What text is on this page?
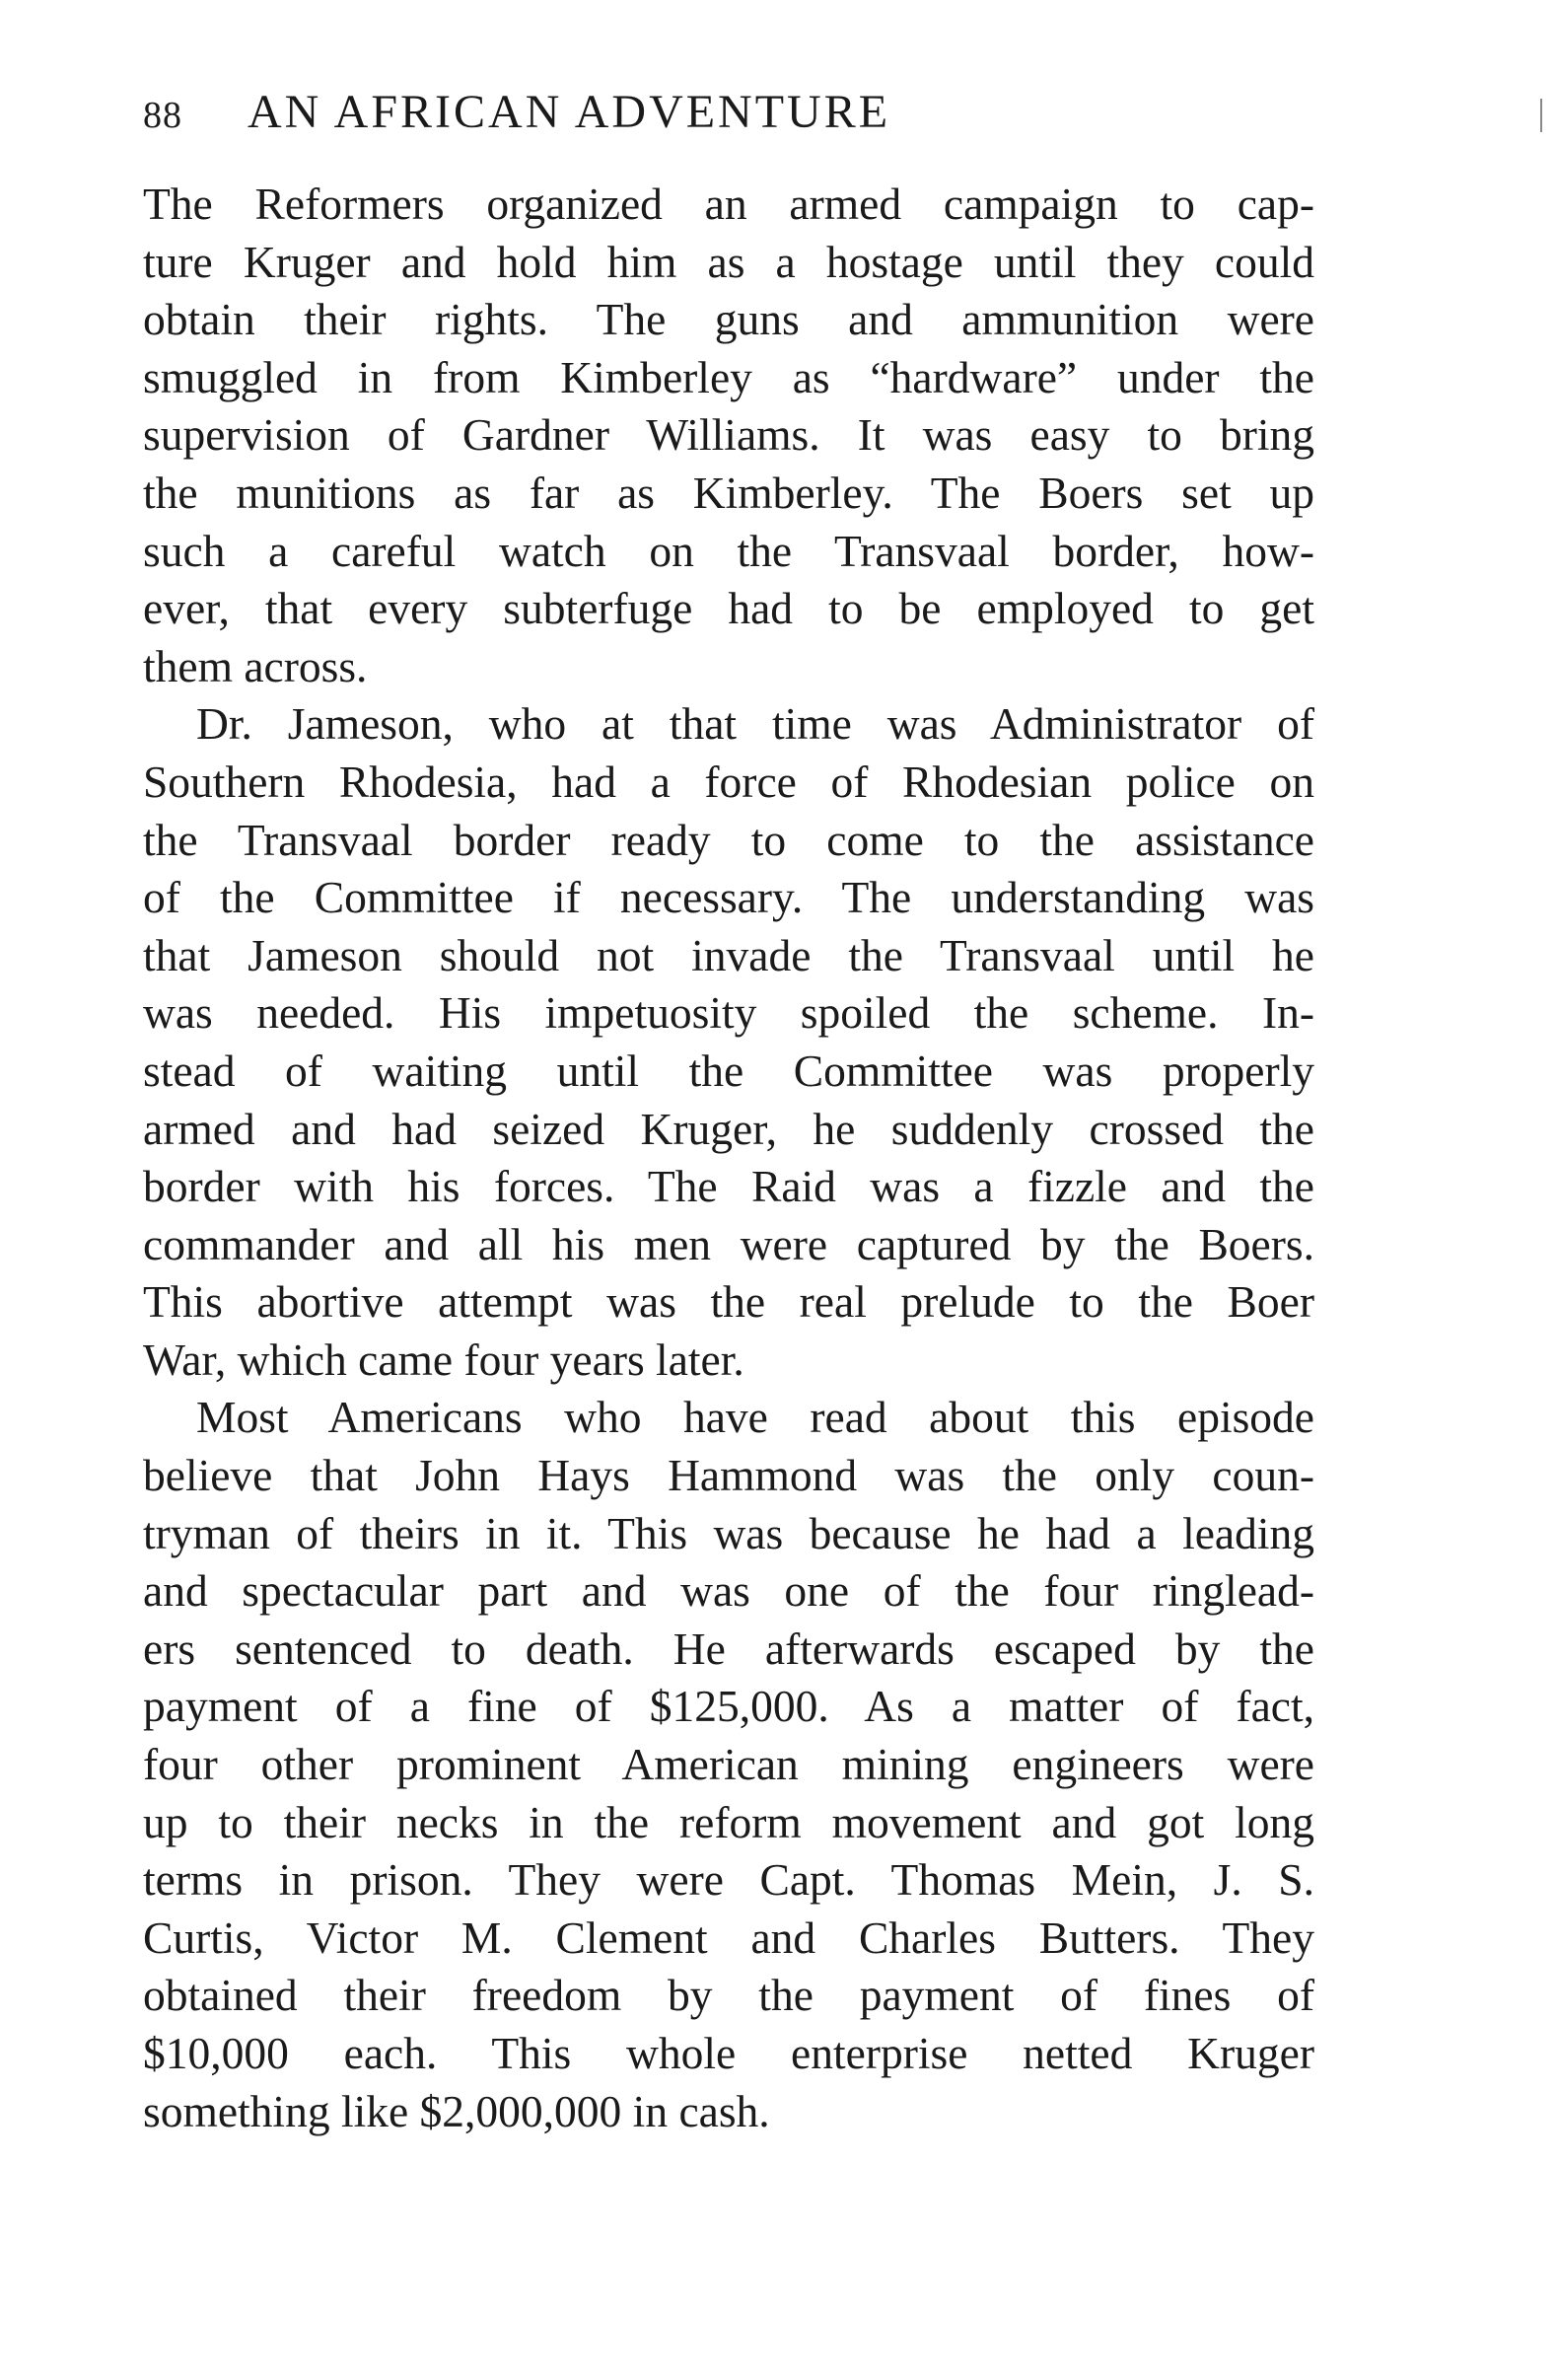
88 AN AFRICAN ADVENTURE
The Reformers organized an armed campaign to cap-
ture Kruger and hold him as a hostage until they could
obtain their rights. The guns and ammunition were
smuggled in from Kimberley as “hardware” under the
supervision of Gardner Williams. It was easy to bring
the munitions as far as Kimberley. The Boers set up
such a careful watch on the Transvaal border, how-
ever, that every subterfuge had to be employed to get
them across.
Dr. Jameson, who at that time was Administrator of
Southern Rhodesia, had a force of Rhodesian police on
the Transvaal border ready to come to the assistance
of the Committee if necessary. The understanding was
that Jameson should not invade the Transvaal until he
was needed. His impetuosity spoiled the scheme. In-
stead of waiting until the Committee was properly
armed and had seized Kruger, he suddenly crossed the
border with his forces. The Raid was a fizzle and the
commander and all his men were captured by the Boers.
This abortive attempt was the real prelude to the Boer
War, which came four years later.
Most Americans who have read about this episode
believe that John Hays Hammond was the only coun-
tryman of theirs in it. This was because he had a leading
and spectacular part and was one of the four ringlead-
ers sentenced to death. He afterwards escaped by the
payment of a fine of $125,000. As a matter of fact,
four other prominent American mining engineers were
up to their necks in the reform movement and got long
terms in prison. They were Capt. Thomas Mein, J. S.
Curtis, Victor M. Clement and Charles Butters. They
obtained their freedom by the payment of fines of
$10,000 each. This whole enterprise netted Kruger
something like $2,000,000 in cash.
